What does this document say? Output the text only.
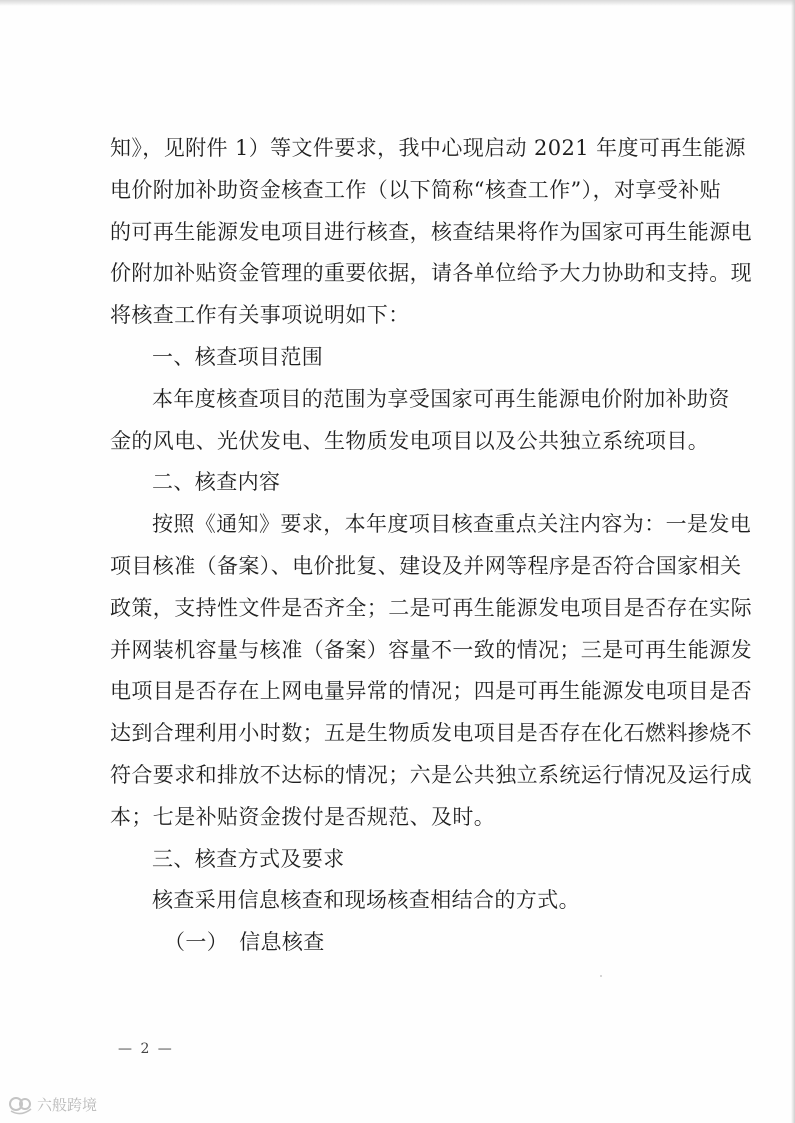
知》，见附件 1）等文件要求，我中心现启动 2021 年度可再生能源
电价附加补助资金核查工作（以下简称“核查工作”），对享受补贴
的可再生能源发电项目进行核查，核查结果将作为国家可再生能源电
价附加补贴资金管理的重要依据，请各单位给予大力协助和支持。现
将核查工作有关事项说明如下：
一、核查项目范围
本年度核查项目的范围为享受国家可再生能源电价附加补助资
金的风电、光伏发电、生物质发电项目以及公共独立系统项目。
二、核查内容
按照《通知》要求，本年度项目核查重点关注内容为：一是发电
项目核准（备案）、电价批复、建设及并网等程序是否符合国家相关
政策，支持性文件是否齐全；二是可再生能源发电项目是否存在实际
并网装机容量与核准（备案）容量不一致的情况；三是可再生能源发
电项目是否存在上网电量异常的情况；四是可再生能源发电项目是否
达到合理利用小时数；五是生物质发电项目是否存在化石燃料掺烧不
符合要求和排放不达标的情况；六是公共独立系统运行情况及运行成
本；七是补贴资金拨付是否规范、及时。
三、核查方式及要求
核查采用信息核查和现场核查相结合的方式。
（一）　信息核查
— 2 —
六般跨境
